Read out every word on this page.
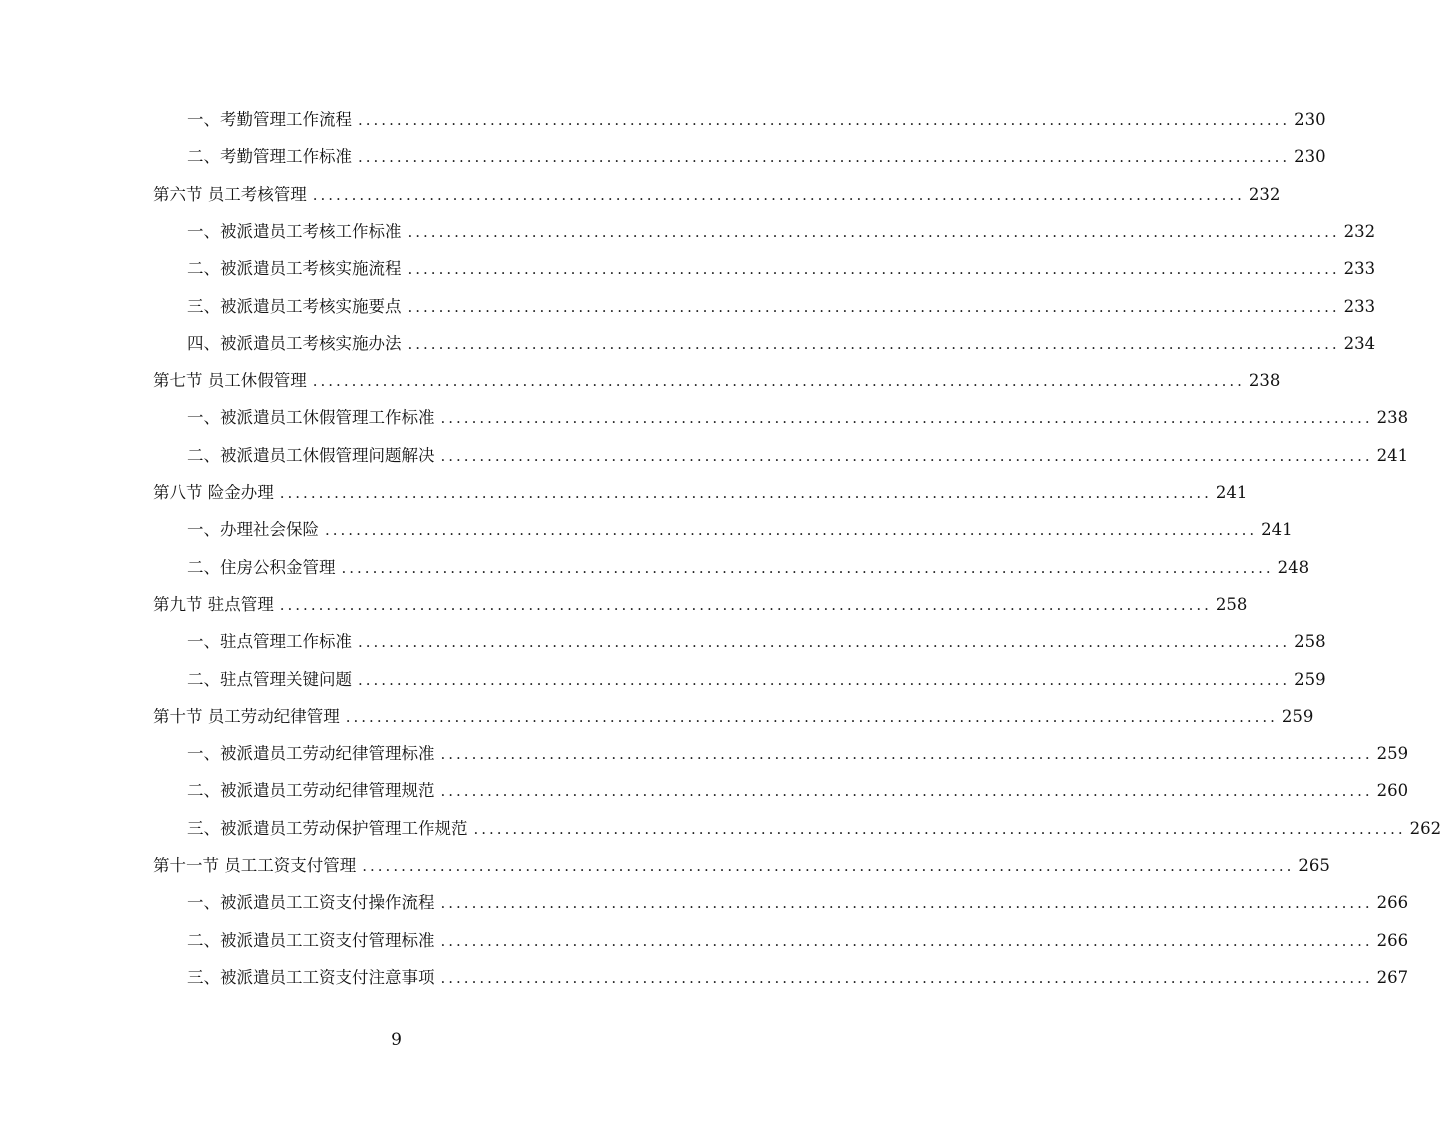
一、考勤管理工作流程 ........................................................................................................................ 230
二、考勤管理工作标准 ........................................................................................................................ 230
第六节 员工考核管理 ........................................................................................................................ 232
一、被派遣员工考核工作标准 ........................................................................................................................ 232
二、被派遣员工考核实施流程 ........................................................................................................................ 233
三、被派遣员工考核实施要点 ........................................................................................................................ 233
四、被派遣员工考核实施办法 ........................................................................................................................ 234
第七节 员工休假管理 ........................................................................................................................ 238
一、被派遣员工休假管理工作标准 ........................................................................................................................ 238
二、被派遣员工休假管理问题解决 ........................................................................................................................ 241
第八节 险金办理 ........................................................................................................................ 241
一、办理社会保险 ........................................................................................................................ 241
二、住房公积金管理 ........................................................................................................................ 248
第九节 驻点管理 ........................................................................................................................ 258
一、驻点管理工作标准 ........................................................................................................................ 258
二、驻点管理关键问题 ........................................................................................................................ 259
第十节 员工劳动纪律管理 ........................................................................................................................ 259
一、被派遣员工劳动纪律管理标准 ........................................................................................................................ 259
二、被派遣员工劳动纪律管理规范 ........................................................................................................................ 260
三、被派遣员工劳动保护管理工作规范 ........................................................................................................................ 262
第十一节 员工工资支付管理 ........................................................................................................................ 265
一、被派遣员工工资支付操作流程 ........................................................................................................................ 266
二、被派遣员工工资支付管理标准 ........................................................................................................................ 266
三、被派遣员工工资支付注意事项 ........................................................................................................................ 267
9
